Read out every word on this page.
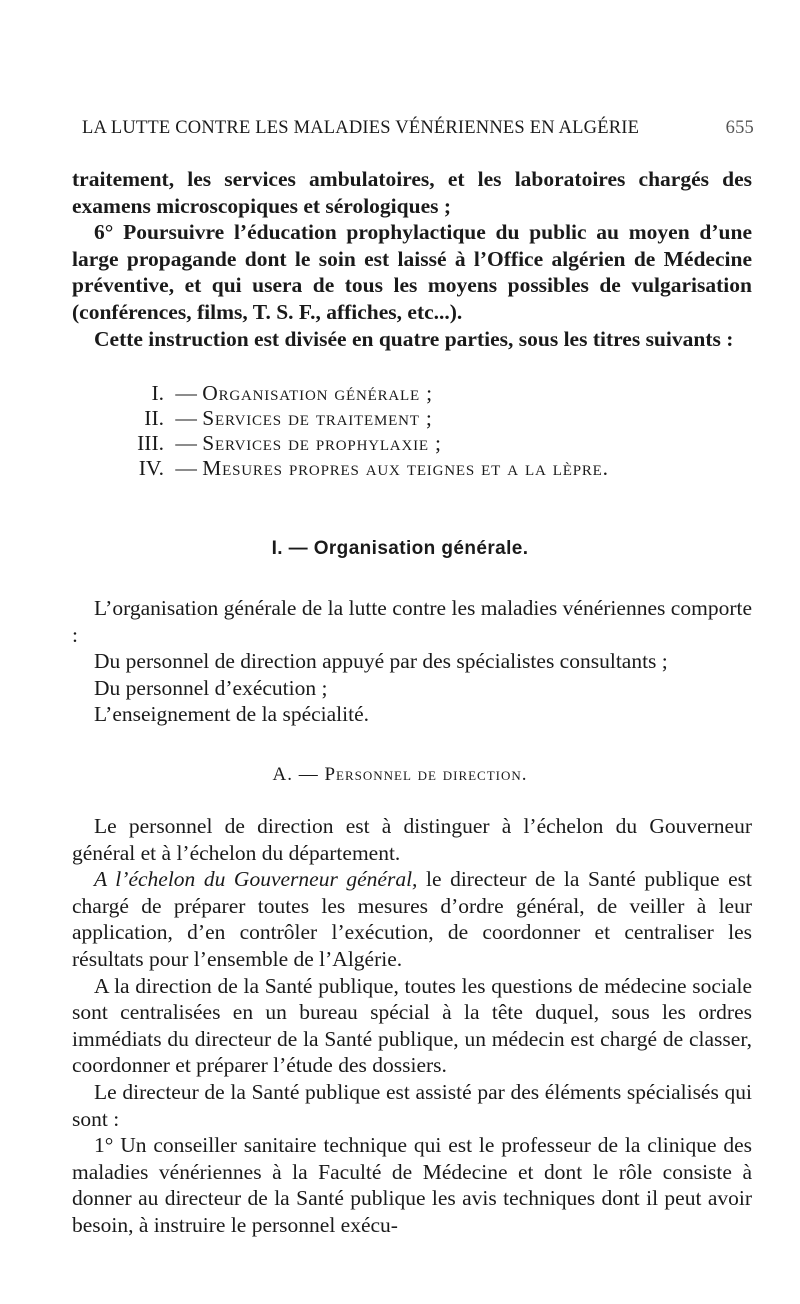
LA LUTTE CONTRE LES MALADIES VÉNÉRIENNES EN ALGÉRIE	655

traitement, les services ambulatoires, et les laboratoires chargés des examens microscopiques et sérologiques ;

6° Poursuivre l’éducation prophylactique du public au moyen d’une large propagande dont le soin est laissé à l’Office algérien de Médecine préventive, et qui usera de tous les moyens possibles de vulgarisation (conférences, films, T. S. F., affiches, etc...).

Cette instruction est divisée en quatre parties, sous les titres suivants :

I. — Organisation générale ;
II. — Services de traitement ;
III. — Services de prophylaxie ;
IV. — Mesures propres aux teignes et a la lèpre.
I. — Organisation générale.

L’organisation générale de la lutte contre les maladies vénériennes comporte :

Du personnel de direction appuyé par des spécialistes consultants ;

Du personnel d’exécution ;

L’enseignement de la spécialité.

A. — Personnel de direction.

Le personnel de direction est à distinguer à l’échelon du Gouverneur général et à l’échelon du département.

A l’échelon du Gouverneur général, le directeur de la Santé publique est chargé de préparer toutes les mesures d’ordre général, de veiller à leur application, d’en contrôler l’exécution, de coordonner et centraliser les résultats pour l’ensemble de l’Algérie.

A la direction de la Santé publique, toutes les questions de médecine sociale sont centralisées en un bureau spécial à la tête duquel, sous les ordres immédiats du directeur de la Santé publique, un médecin est chargé de classer, coordonner et préparer l’étude des dossiers.

Le directeur de la Santé publique est assisté par des éléments spécialisés qui sont :

1° Un conseiller sanitaire technique qui est le professeur de la clinique des maladies vénériennes à la Faculté de Médecine et dont le rôle consiste à donner au directeur de la Santé publique les avis techniques dont il peut avoir besoin, à instruire le personnel exécu-
